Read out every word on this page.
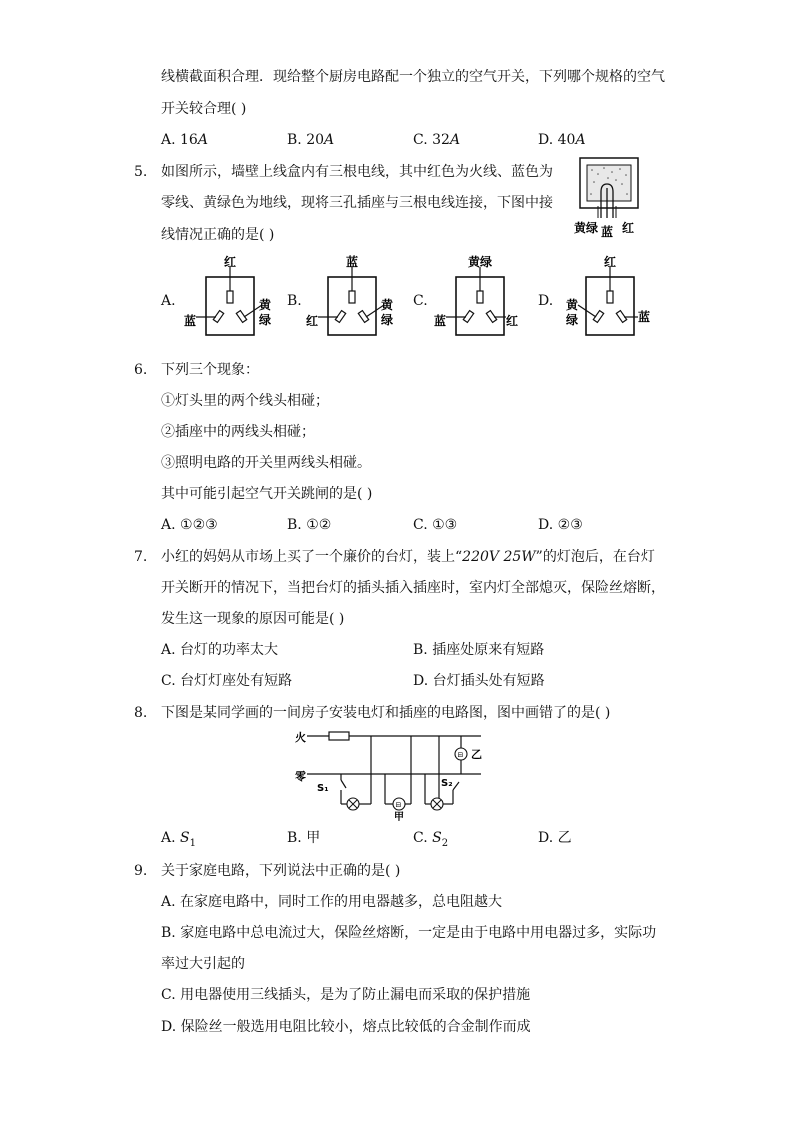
线横截面积合理．现给整个厨房电路配一个独立的空气开关，下列哪个规格的空气
开关较合理( )
A. 16A	B. 20A	C. 32A	D. 40A
5. 如图所示，墙壁上线盒内有三根电线，其中红色为火线、蓝色为
零线、黄绿色为地线，现将三孔插座与三根电线连接，下图中接
线情况正确的是( )	黄绿 蓝 红
A.
红
蓝
黄绿
B.
蓝
红
黄绿
C.
黄绿
蓝	红
D.
红
黄绿	蓝
6. 下列三个现象：
①灯头里的两个线头相碰；
②插座中的两线头相碰；
③照明电路的开关里两线头相碰。
其中可能引起空气开关跳闸的是( )
A. ①②③	B. ①②	C. ①③	D. ②③
7. 小红的妈妈从市场上买了一个廉价的台灯，装上“220V 25W”的灯泡后，在台灯
开关断开的情况下，当把台灯的插头插入插座时，室内灯全部熄灭，保险丝熔断，
发生这一现象的原因可能是( )
A. 台灯的功率太大	B. 插座处原来有短路
C. 台灯灯座处有短路	D. 台灯插头处有短路
8. 下图是某同学画的一间房子安装电灯和插座的电路图，图中画错了的是( )
火
零
⊟ 乙
S₁
⊟
甲
S₂
A. $S_1$	B. 甲	C. $S_2$	D. 乙
9. 关于家庭电路，下列说法中正确的是( )
A. 在家庭电路中，同时工作的用电器越多，总电阻越大
B. 家庭电路中总电流过大，保险丝熔断，一定是由于电路中用电器过多，实际功
率过大引起的
C. 用电器使用三线插头，是为了防止漏电而采取的保护措施
D. 保险丝一般选用电阻比较小，熔点比较低的合金制作而成
